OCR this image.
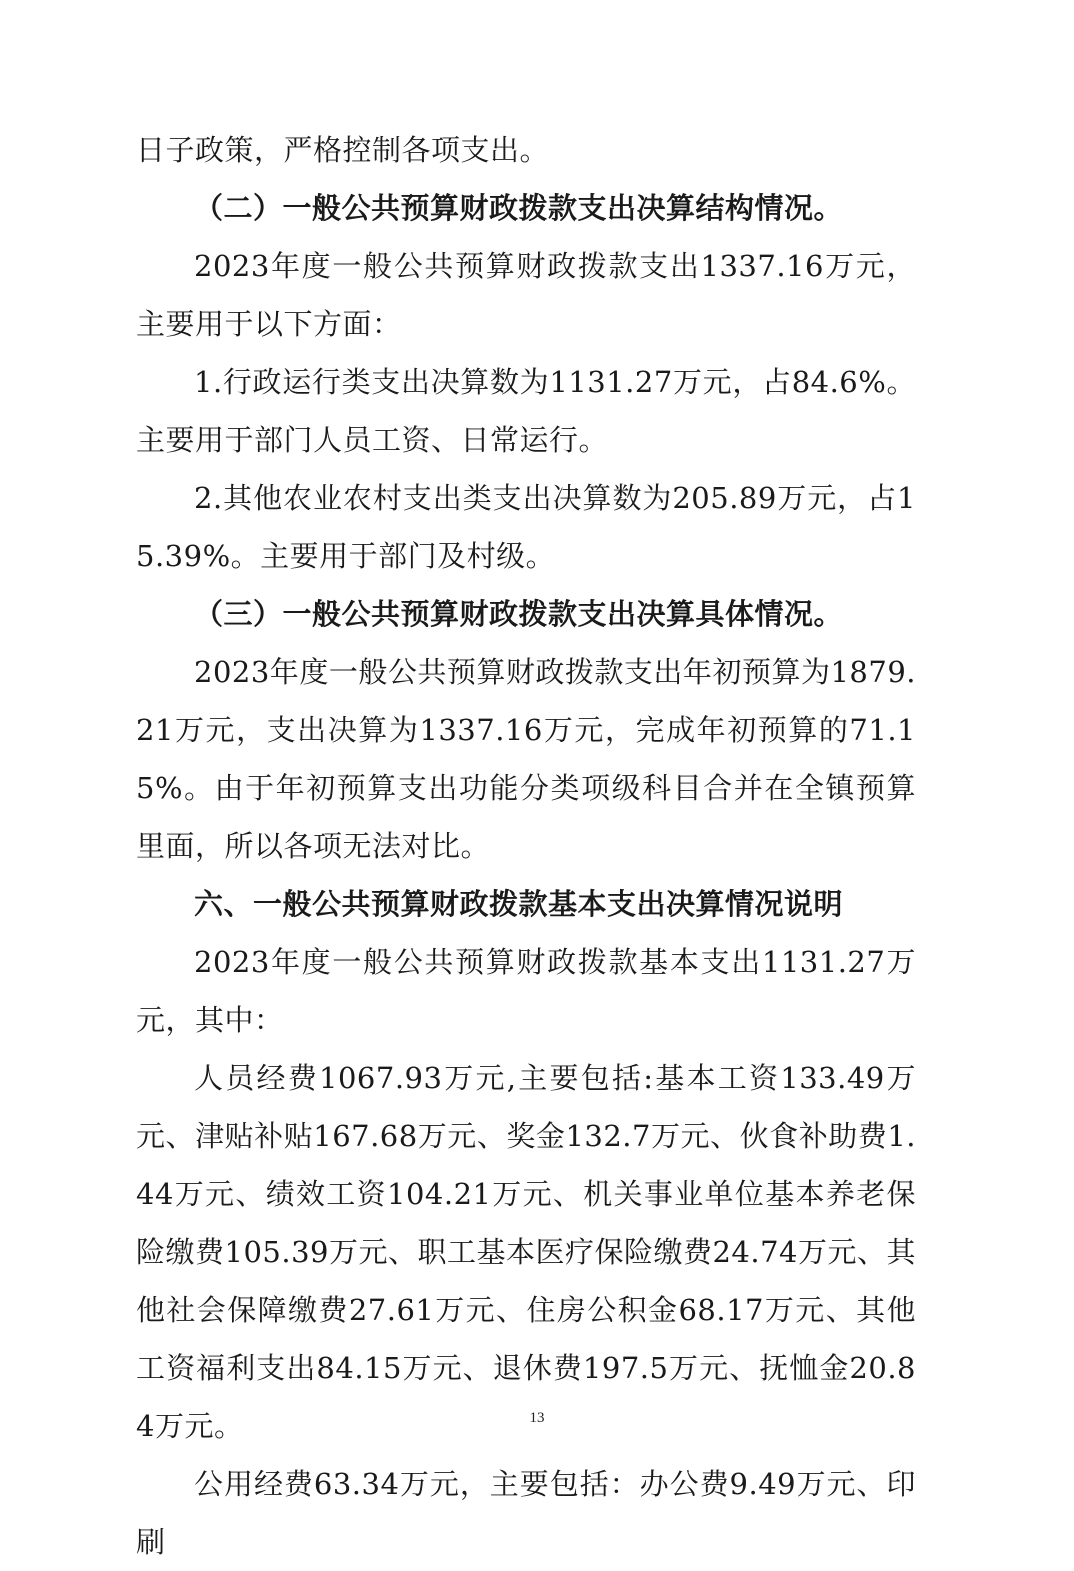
日子政策，严格控制各项支出。

（二）一般公共预算财政拨款支出决算结构情况。

2023年度一般公共预算财政拨款支出1337.16万元，主要用于以下方面：

1.行政运行类支出决算数为1131.27万元，占84.6%。主要用于部门人员工资、日常运行。

2.其他农业农村支出类支出决算数为205.89万元，占15.39%。主要用于部门及村级。

（三）一般公共预算财政拨款支出决算具体情况。

2023年度一般公共预算财政拨款支出年初预算为1879.21万元，支出决算为1337.16万元，完成年初预算的71.15%。由于年初预算支出功能分类项级科目合并在全镇预算里面，所以各项无法对比。

六、一般公共预算财政拨款基本支出决算情况说明

2023年度一般公共预算财政拨款基本支出1131.27万元，其中：

人员经费1067.93万元,主要包括:基本工资133.49万元、津贴补贴167.68万元、奖金132.7万元、伙食补助费1.44万元、绩效工资104.21万元、机关事业单位基本养老保险缴费105.39万元、职工基本医疗保险缴费24.74万元、其他社会保障缴费27.61万元、住房公积金68.17万元、其他工资福利支出84.15万元、退休费197.5万元、抚恤金20.84万元。

公用经费63.34万元，主要包括：办公费9.49万元、印刷

13
